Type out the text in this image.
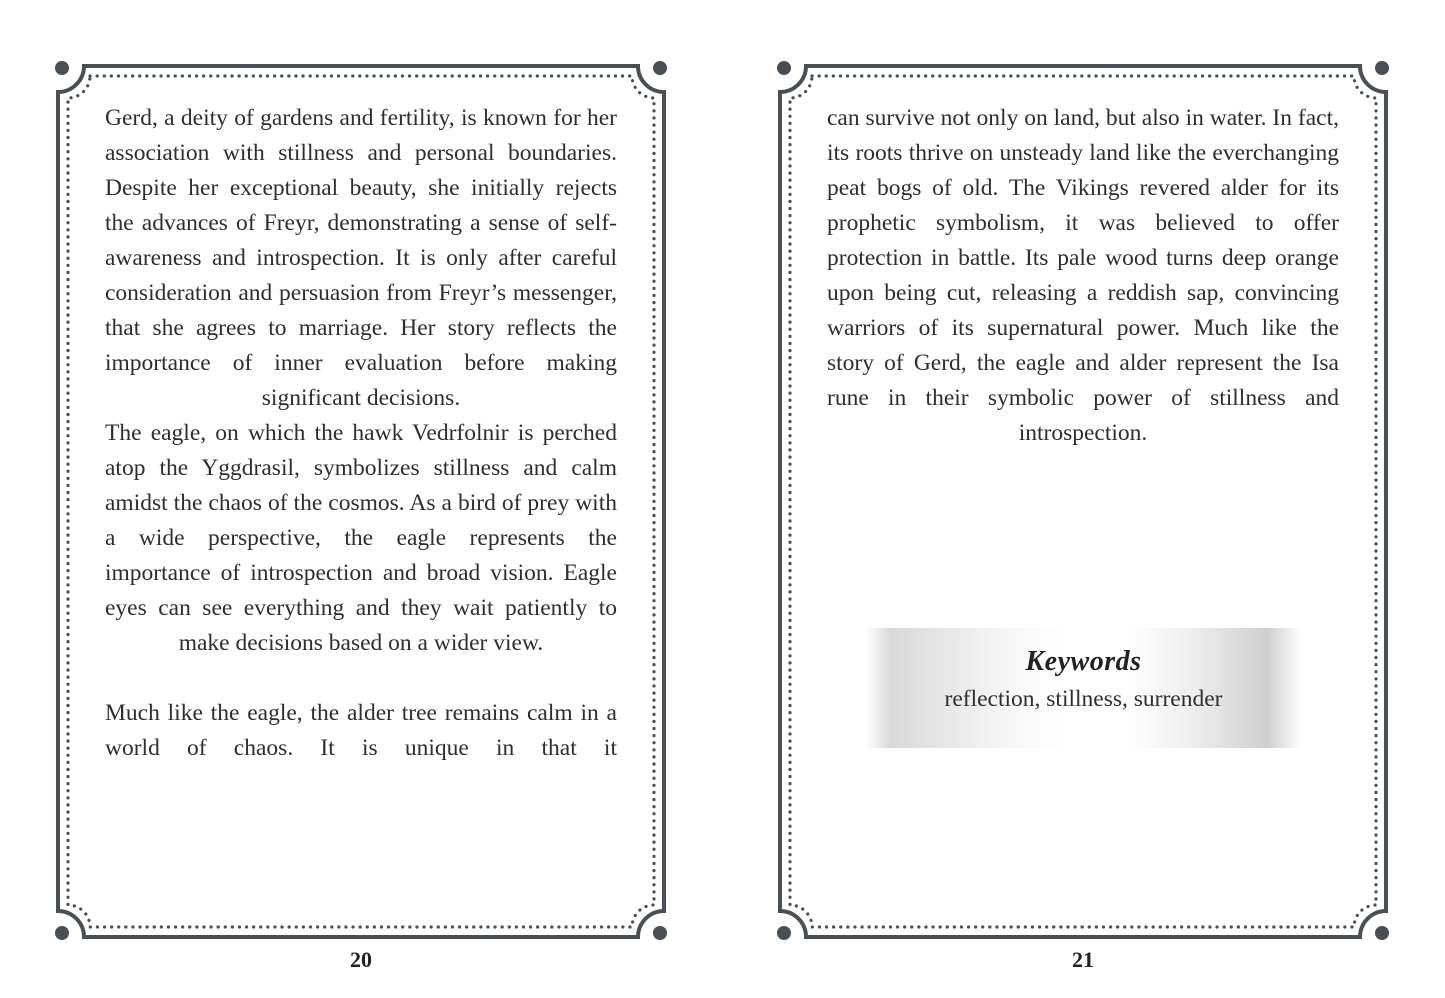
Gerd, a deity of gardens and fertility, is known for her association with stillness and personal boundaries. Despite her exceptional beauty, she initially rejects the advances of Freyr, demonstrating a sense of self-awareness and introspection. It is only after careful consideration and persuasion from Freyr’s messenger, that she agrees to marriage. Her story reflects the importance of inner evaluation before making significant decisions.

The eagle, on which the hawk Vedrfolnir is perched atop the Yggdrasil, symbolizes stillness and calm amidst the chaos of the cosmos. As a bird of prey with a wide perspective, the eagle represents the importance of introspection and broad vision. Eagle eyes can see everything and they wait patiently to make decisions based on a wider view.

Much like the eagle, the alder tree remains calm in a world of chaos. It is unique in that it

20

can survive not only on land, but also in water. In fact, its roots thrive on unsteady land like the everchanging peat bogs of old. The Vikings revered alder for its prophetic symbolism, it was believed to offer protection in battle. Its pale wood turns deep orange upon being cut, releasing a reddish sap, convincing warriors of its supernatural power. Much like the story of Gerd, the eagle and alder represent the Isa rune in their symbolic power of stillness and introspection.

Keywords
reflection, stillness, surrender
21
